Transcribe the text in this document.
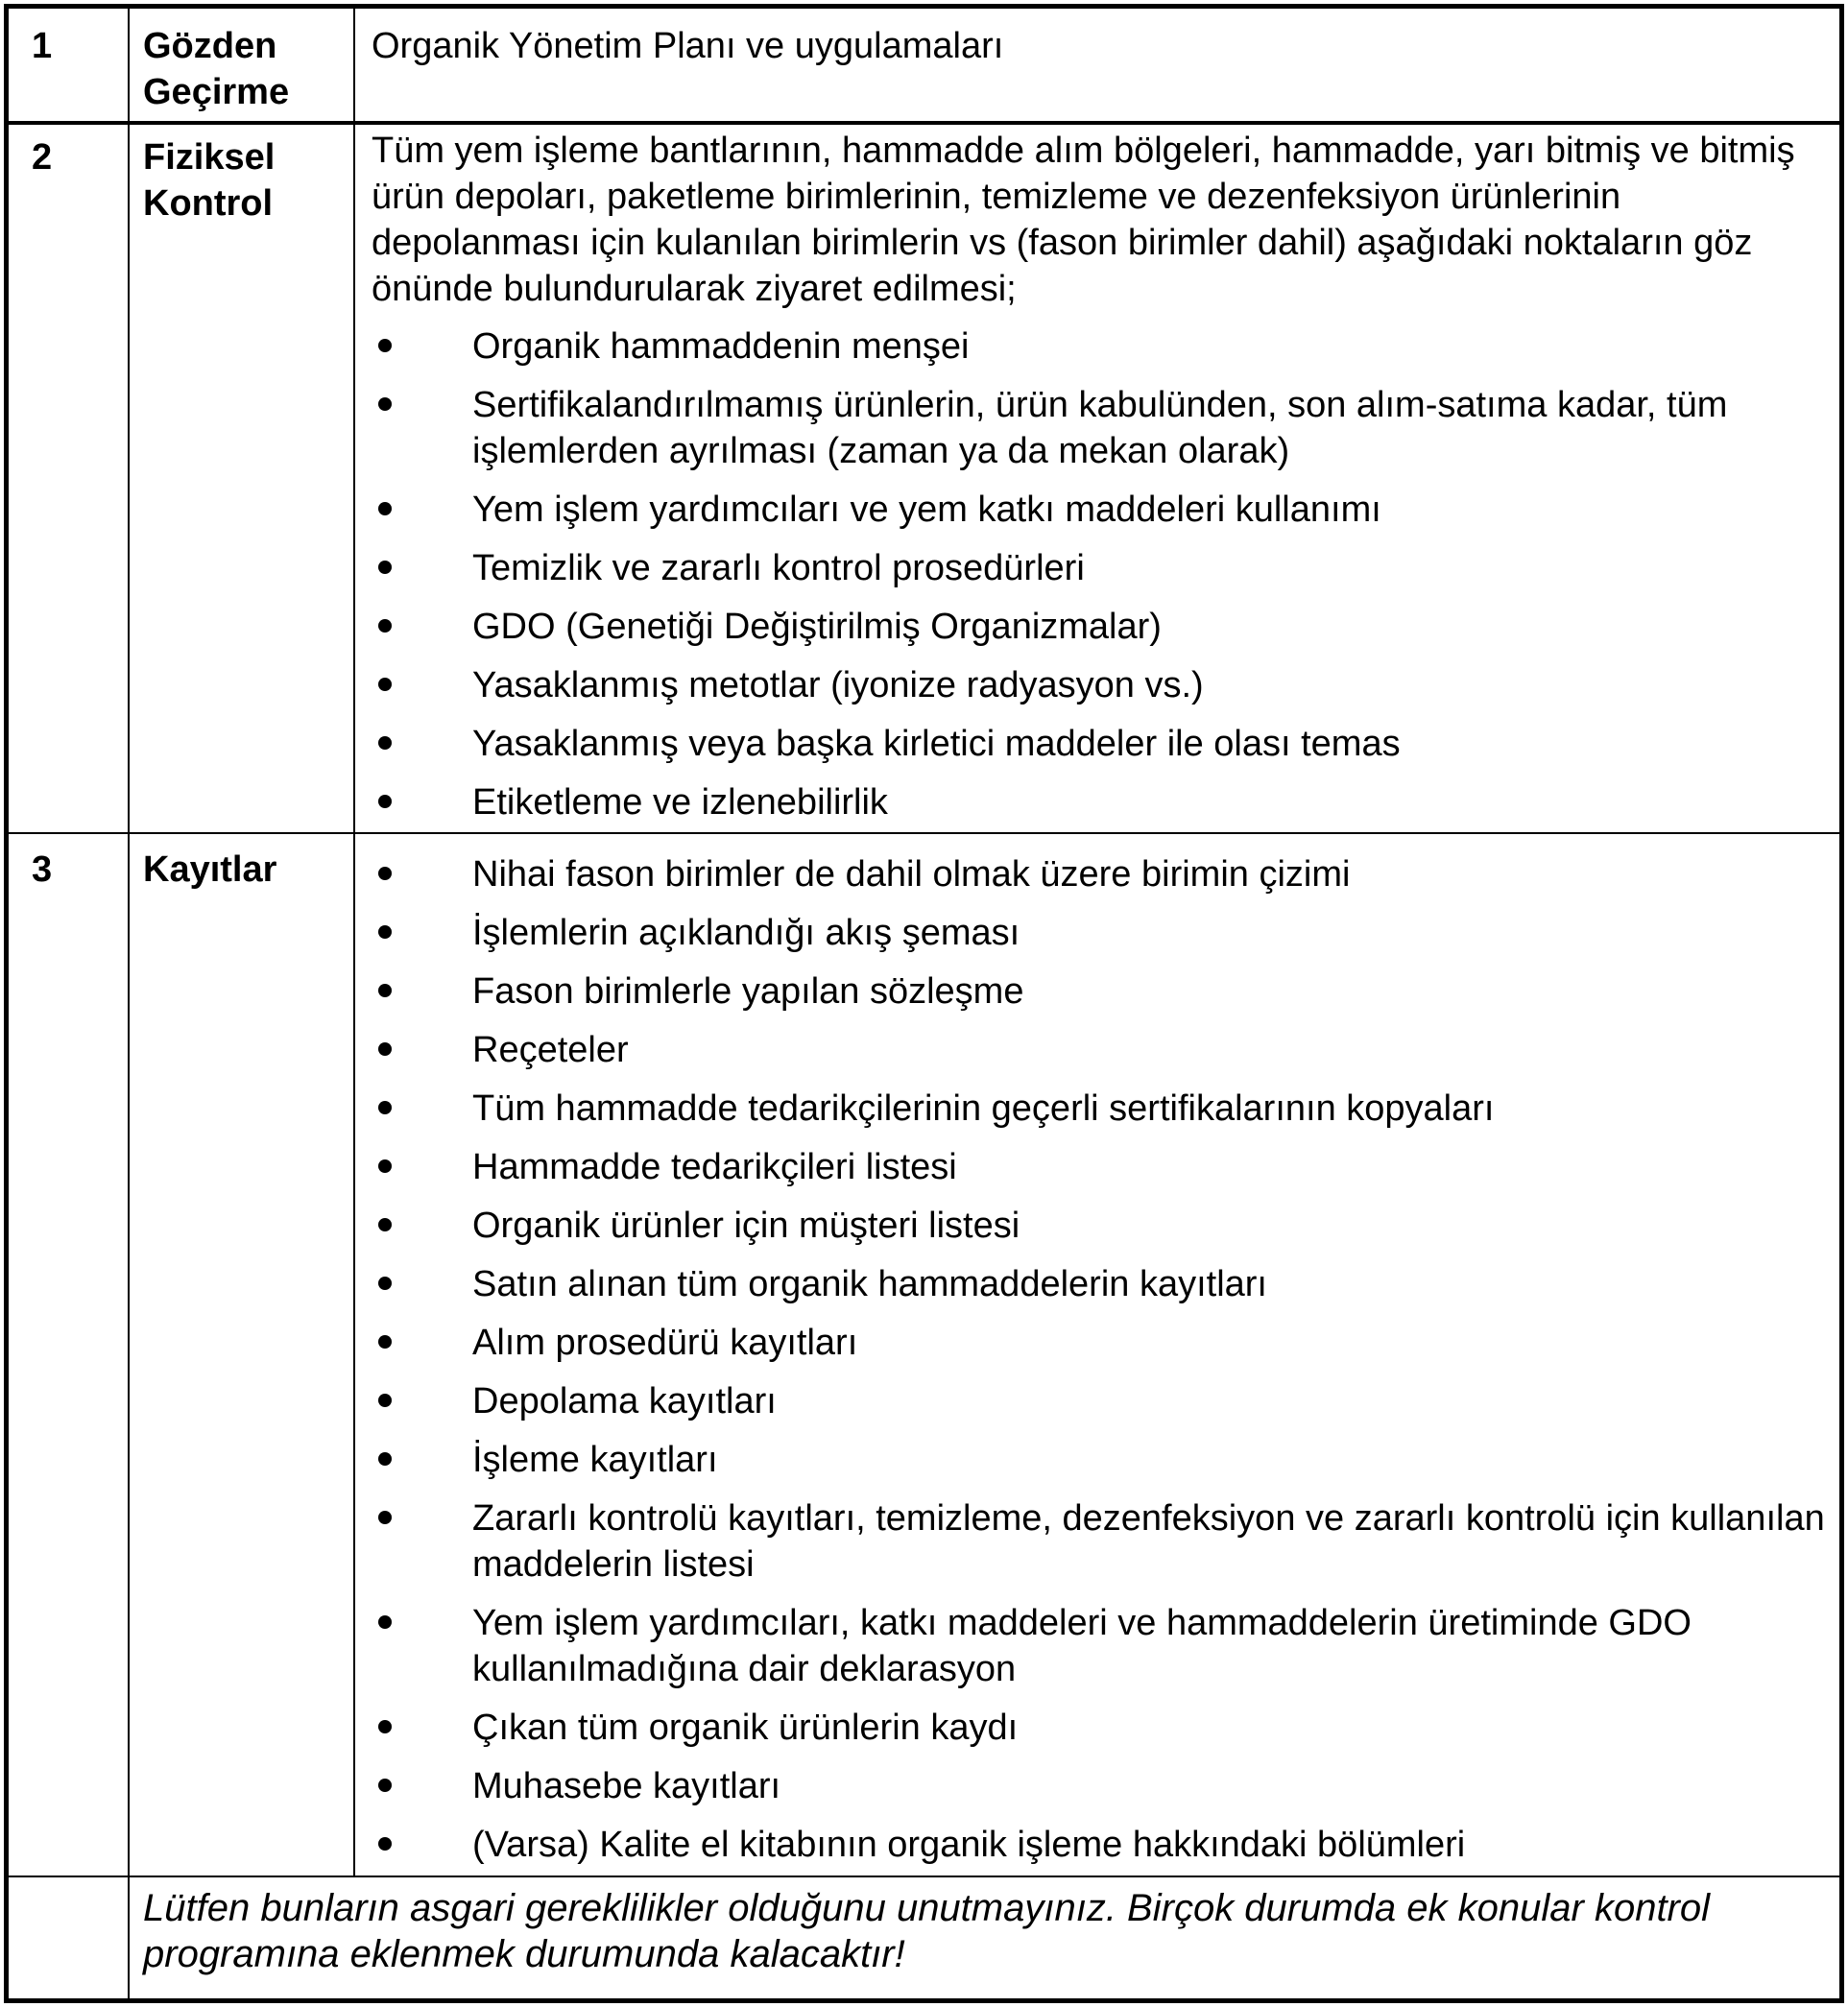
1 Gözden Geçirme
Organik Yönetim Planı ve uygulamaları
2 Fiziksel Kontrol

Tüm yem işleme bantlarının, hammadde alım bölgeleri, hammadde, yarı bitmiş ve bitmiş ürün depoları, paketleme birimlerinin, temizleme ve dezenfeksiyon ürünlerinin depolanması için kulanılan birimlerin vs (fason birimler dahil) aşağıdaki noktaların göz önünde bulundurularak ziyaret edilmesi;

Organik hammaddenin menşei
Sertifikalandırılmamış ürünlerin, ürün kabulünden, son alım-satıma kadar, tüm işlemlerden ayrılması (zaman ya da mekan olarak)
Yem işlem yardımcıları ve yem katkı maddeleri kullanımı
Temizlik ve zararlı kontrol prosedürleri
GDO (Genetiği Değiştirilmiş Organizmalar)
Yasaklanmış metotlar (iyonize radyasyon vs.)
Yasaklanmış veya başka kirletici maddeler ile olası temas
Etiketleme ve izlenebilirlik
3 Kayıtlar	Nihai fason birimler de dahil olmak üzere birimin çizimi
İşlemlerin açıklandığı akış şeması
Fason birimlerle yapılan sözleşme
Reçeteler
Tüm hammadde tedarikçilerinin geçerli sertifikalarının kopyaları
Hammadde tedarikçileri listesi
Organik ürünler için müşteri listesi
Satın alınan tüm organik hammaddelerin kayıtları
Alım prosedürü kayıtları
Depolama kayıtları
İşleme kayıtları
Zararlı kontrolü kayıtları, temizleme, dezenfeksiyon ve zararlı kontrolü için kullanılan maddelerin listesi
Yem işlem yardımcıları, katkı maddeleri ve hammaddelerin üretiminde GDO kullanılmadığına dair deklarasyon
Çıkan tüm organik ürünlerin kaydı
Muhasebe kayıtları
(Varsa) Kalite el kitabının organik işleme hakkındaki bölümleri
Lütfen bunların asgari gereklilikler olduğunu unutmayınız. Birçok durumda ek konular kontrol programına eklenmek durumunda kalacaktır!
